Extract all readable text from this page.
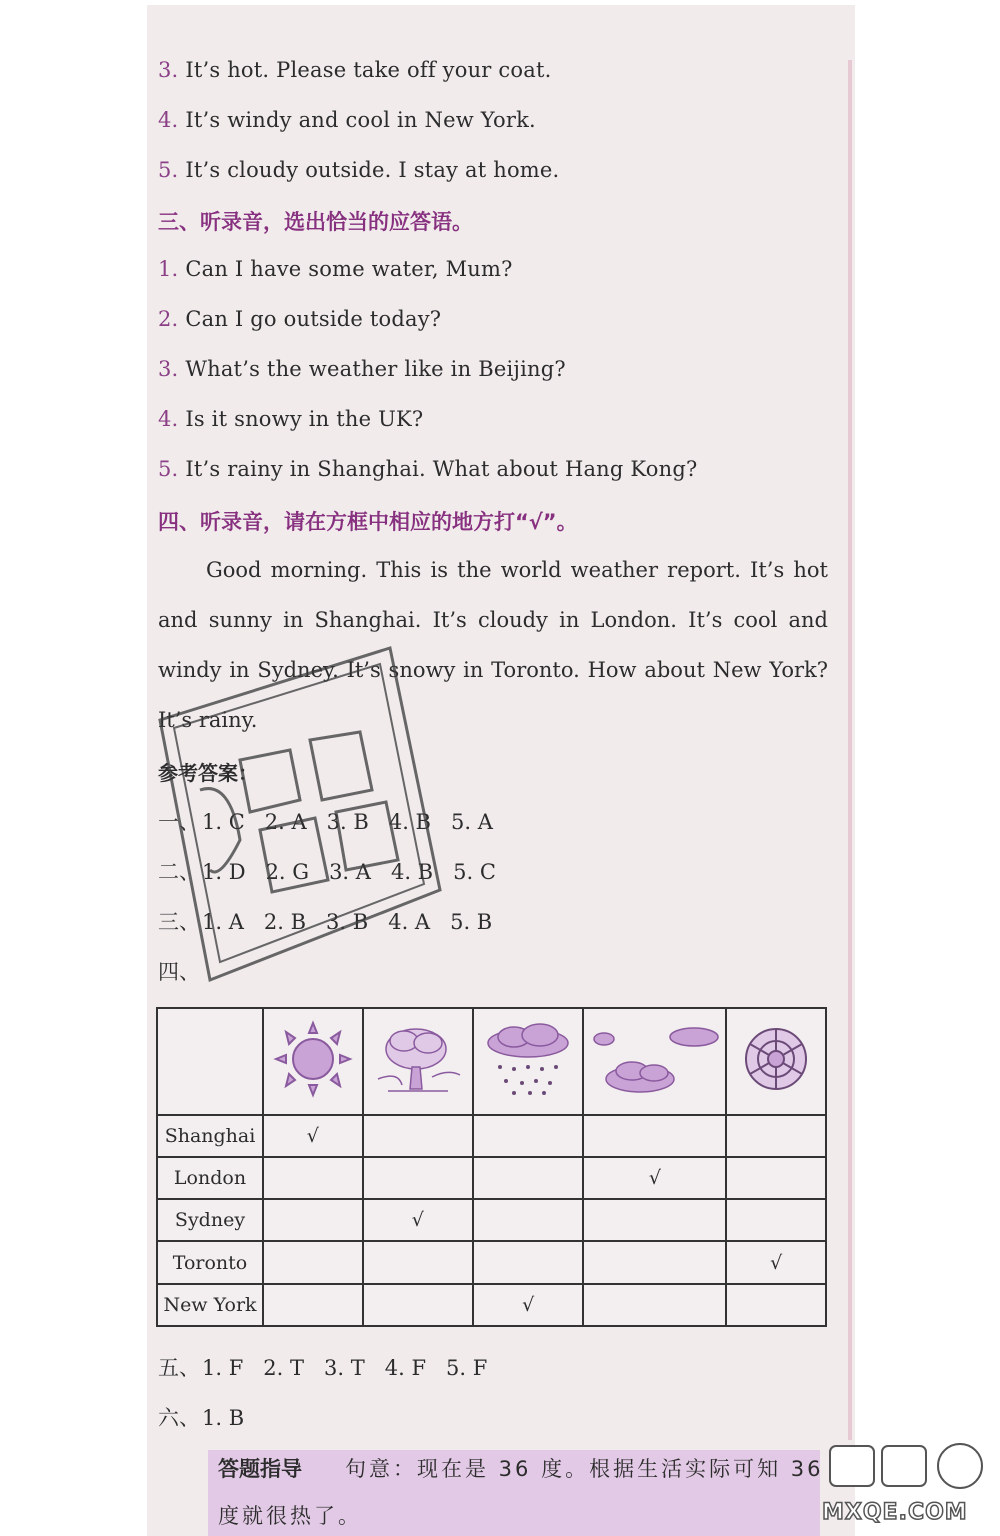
3. It’s hot. Please take off your coat.
4. It’s windy and cool in New York.
5. It’s cloudy outside. I stay at home.
三、听录音，选出恰当的应答语。
1. Can I have some water, Mum?
2. Can I go outside today?
3. What’s the weather like in Beijing?
4. Is it snowy in the UK?
5. It’s rainy in Shanghai. What about Hang Kong?
四、听录音，请在方框中相应的地方打“√”。
Good morning. This is the world weather report. It’s hot and sunny in Shanghai. It’s cloudy in London. It’s cool and windy in Sydney. It’s snowy in Toronto. How about New York? It’s rainy.
参考答案：
一、1. C 2. A 3. B 4. B 5. A
二、1. D 2. G 3. A 4. B 5. C
三、1. A 2. B 3. B 4. A 5. B
四、

Shanghai	√				
London				√	
Sydney		√			
Toronto					√
New York			√		
五、1. F 2. T 3. T 4. F 5. F
六、1. B
答题指导 句意：现在是 36 度。根据生活实际可知 36
度就很热了。	MXQE.COM
